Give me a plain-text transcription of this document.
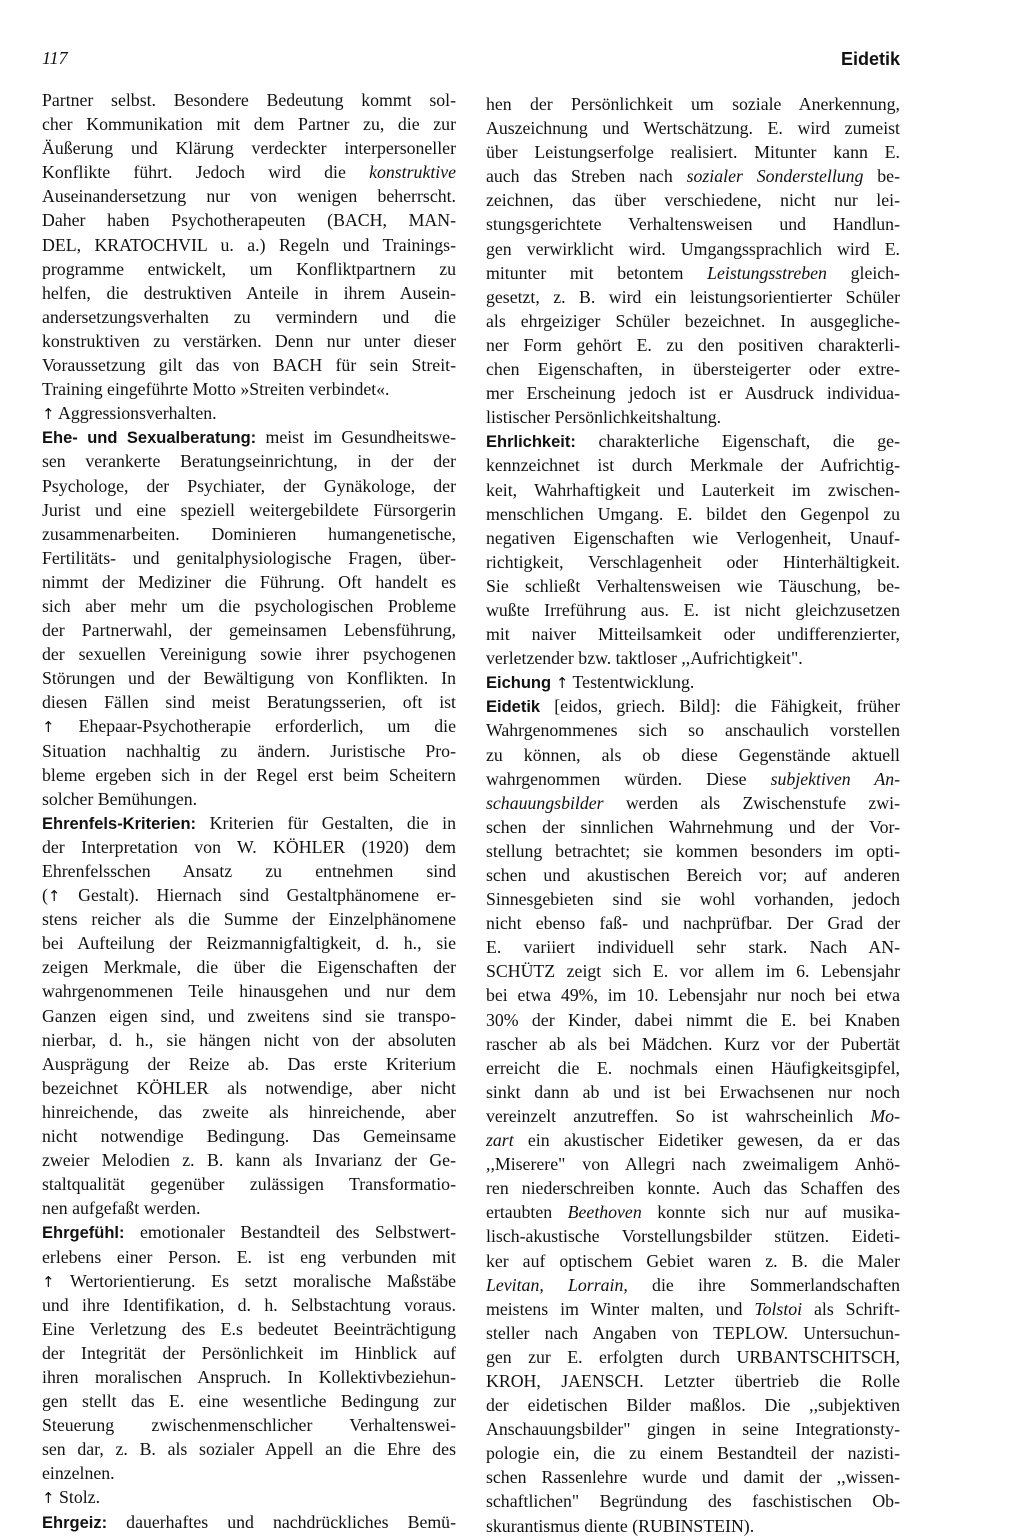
117	Eidetik
Partner selbst. Besondere Bedeutung kommt sol-
cher Kommunikation mit dem Partner zu, die zur
Äußerung und Klärung verdeckter interpersoneller
Konflikte führt. Jedoch wird die konstruktive
Auseinandersetzung nur von wenigen beherrscht.
Daher haben Psychotherapeuten (BACH, MAN-
DEL, KRATOCHVIL u. a.) Regeln und Trainings-
programme entwickelt, um Konfliktpartnern zu
helfen, die destruktiven Anteile in ihrem Ausein-
andersetzungsverhalten zu vermindern und die
konstruktiven zu verstärken. Denn nur unter dieser
Voraussetzung gilt das von BACH für sein Streit-
Training eingeführte Motto »Streiten verbindet«.
↑ Aggressionsverhalten.
Ehe- und Sexualberatung: meist im Gesundheitswe-
sen verankerte Beratungseinrichtung, in der der
Psychologe, der Psychiater, der Gynäkologe, der
Jurist und eine speziell weitergebildete Fürsorgerin
zusammenarbeiten. Dominieren humangenetische,
Fertilitäts- und genitalphysiologische Fragen, über-
nimmt der Mediziner die Führung. Oft handelt es
sich aber mehr um die psychologischen Probleme
der Partnerwahl, der gemeinsamen Lebensführung,
der sexuellen Vereinigung sowie ihrer psychogenen
Störungen und der Bewältigung von Konflikten. In
diesen Fällen sind meist Beratungsserien, oft ist
↑ Ehepaar-Psychotherapie erforderlich, um die
Situation nachhaltig zu ändern. Juristische Pro-
bleme ergeben sich in der Regel erst beim Scheitern
solcher Bemühungen.
Ehrenfels-Kriterien: Kriterien für Gestalten, die in
der Interpretation von W. KÖHLER (1920) dem
Ehrenfelsschen Ansatz zu entnehmen sind
(↑ Gestalt). Hiernach sind Gestaltphänomene er-
stens reicher als die Summe der Einzelphänomene
bei Aufteilung der Reizmannigfaltigkeit, d. h., sie
zeigen Merkmale, die über die Eigenschaften der
wahrgenommenen Teile hinausgehen und nur dem
Ganzen eigen sind, und zweitens sind sie transpo-
nierbar, d. h., sie hängen nicht von der absoluten
Ausprägung der Reize ab. Das erste Kriterium
bezeichnet KÖHLER als notwendige, aber nicht
hinreichende, das zweite als hinreichende, aber
nicht notwendige Bedingung. Das Gemeinsame
zweier Melodien z. B. kann als Invarianz der Ge-
staltqualität gegenüber zulässigen Transformatio-
nen aufgefaßt werden.
Ehrgefühl: emotionaler Bestandteil des Selbstwert-
erlebens einer Person. E. ist eng verbunden mit
↑ Wertorientierung. Es setzt moralische Maßstäbe
und ihre Identifikation, d. h. Selbstachtung voraus.
Eine Verletzung des E.s bedeutet Beeinträchtigung
der Integrität der Persönlichkeit im Hinblick auf
ihren moralischen Anspruch. In Kollektivbeziehun-
gen stellt das E. eine wesentliche Bedingung zur
Steuerung zwischenmenschlicher Verhaltenswei-
sen dar, z. B. als sozialer Appell an die Ehre des
einzelnen.
↑ Stolz.
Ehrgeiz: dauerhaftes und nachdrückliches Bemü-
hen der Persönlichkeit um soziale Anerkennung,
Auszeichnung und Wertschätzung. E. wird zumeist
über Leistungserfolge realisiert. Mitunter kann E.
auch das Streben nach sozialer Sonderstellung be-
zeichnen, das über verschiedene, nicht nur lei-
stungsgerichtete Verhaltensweisen und Handlun-
gen verwirklicht wird. Umgangssprachlich wird E.
mitunter mit betontem Leistungsstreben gleich-
gesetzt, z. B. wird ein leistungsorientierter Schüler
als ehrgeiziger Schüler bezeichnet. In ausgegliche-
ner Form gehört E. zu den positiven charakterli-
chen Eigenschaften, in übersteigerter oder extre-
mer Erscheinung jedoch ist er Ausdruck individua-
listischer Persönlichkeitshaltung.
Ehrlichkeit: charakterliche Eigenschaft, die ge-
kennzeichnet ist durch Merkmale der Aufrichtig-
keit, Wahrhaftigkeit und Lauterkeit im zwischen-
menschlichen Umgang. E. bildet den Gegenpol zu
negativen Eigenschaften wie Verlogenheit, Unauf-
richtigkeit, Verschlagenheit oder Hinterhältigkeit.
Sie schließt Verhaltensweisen wie Täuschung, be-
wußte Irreführung aus. E. ist nicht gleichzusetzen
mit naiver Mitteilsamkeit oder undifferenzierter,
verletzender bzw. taktloser ,,Aufrichtigkeit".
Eichung ↑ Testentwicklung.
Eidetik [eidos, griech. Bild]: die Fähigkeit, früher
Wahrgenommenes sich so anschaulich vorstellen
zu können, als ob diese Gegenstände aktuell
wahrgenommen würden. Diese subjektiven An-
schauungsbilder werden als Zwischenstufe zwi-
schen der sinnlichen Wahrnehmung und der Vor-
stellung betrachtet; sie kommen besonders im opti-
schen und akustischen Bereich vor; auf anderen
Sinnesgebieten sind sie wohl vorhanden, jedoch
nicht ebenso faß- und nachprüfbar. Der Grad der
E. variiert individuell sehr stark. Nach AN-
SCHÜTZ zeigt sich E. vor allem im 6. Lebensjahr
bei etwa 49%, im 10. Lebensjahr nur noch bei etwa
30% der Kinder, dabei nimmt die E. bei Knaben
rascher ab als bei Mädchen. Kurz vor der Pubertät
erreicht die E. nochmals einen Häufigkeitsgipfel,
sinkt dann ab und ist bei Erwachsenen nur noch
vereinzelt anzutreffen. So ist wahrscheinlich Mo-
zart ein akustischer Eidetiker gewesen, da er das
,,Miserere" von Allegri nach zweimaligem Anhö-
ren niederschreiben konnte. Auch das Schaffen des
ertaubten Beethoven konnte sich nur auf musika-
lisch-akustische Vorstellungsbilder stützen. Eideti-
ker auf optischem Gebiet waren z. B. die Maler
Levitan, Lorrain, die ihre Sommerlandschaften
meistens im Winter malten, und Tolstoi als Schrift-
steller nach Angaben von TEPLOW. Untersuchun-
gen zur E. erfolgten durch URBANTSCHITSCH,
KROH, JAENSCH. Letzter übertrieb die Rolle
der eidetischen Bilder maßlos. Die ,,subjektiven
Anschauungsbilder" gingen in seine Integrationsty-
pologie ein, die zu einem Bestandteil der nazisti-
schen Rassenlehre wurde und damit der ,,wissen-
schaftlichen" Begründung des faschistischen Ob-
skurantismus diente (RUBINSTEIN).
